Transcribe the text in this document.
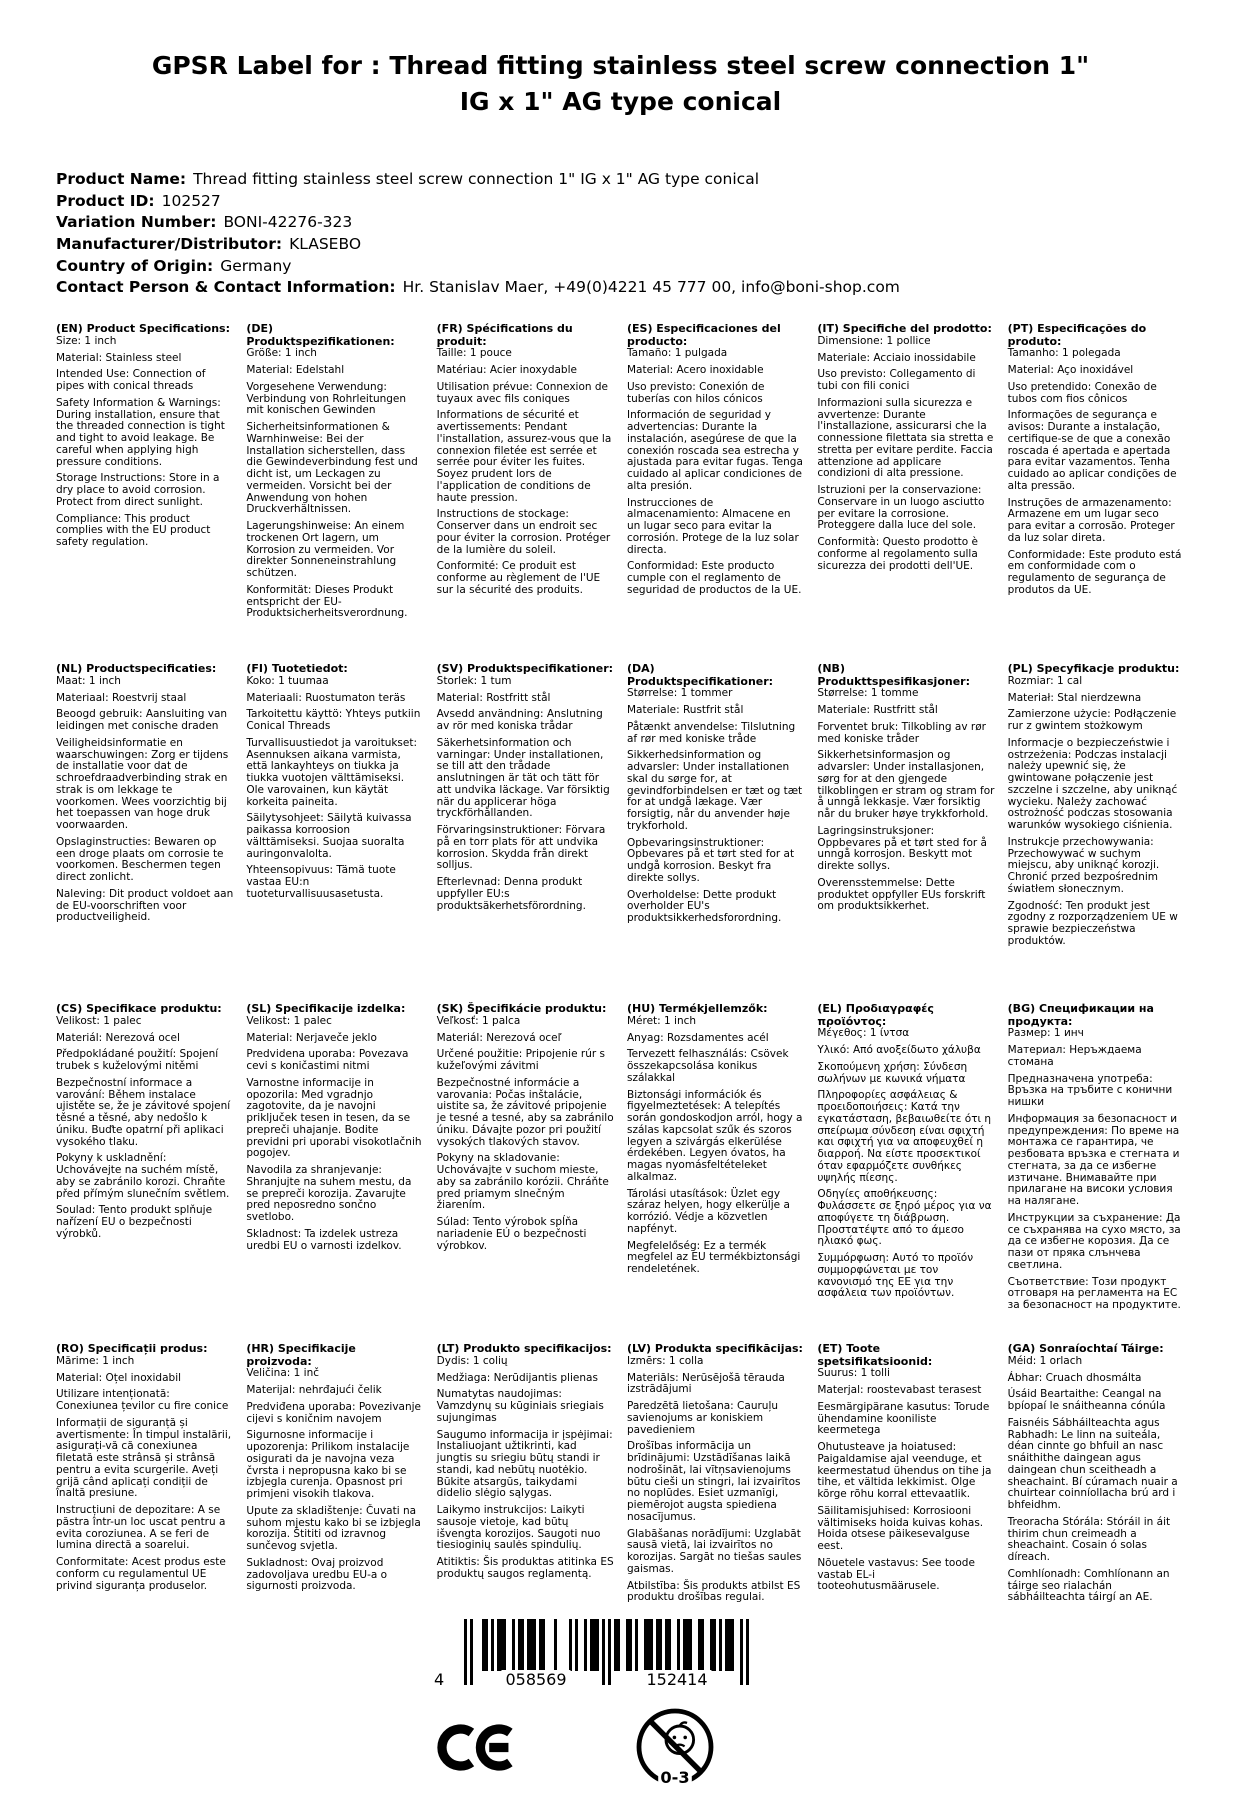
GPSR Label for : Thread fitting stainless steel screw connection 1"
IG x 1" AG type conical
Product Name: Thread fitting stainless steel screw connection 1" IG x 1" AG type conical
Product ID: 102527
Variation Number: BONI-42276-323
Manufacturer/Distributor: KLASEBO
Country of Origin: Germany
Contact Person & Contact Information: Hr. Stanislav Maer, +49(0)4221 45 777 00, info@boni-shop.com
(EN) Product Specifications:

Size: 1 inch

Material: Stainless steel

Intended Use: Connection of pipes with conical threads

Safety Information & Warnings: During installation, ensure that the threaded connection is tight and tight to avoid leakage. Be careful when applying high pressure conditions.

Storage Instructions: Store in a dry place to avoid corrosion. Protect from direct sunlight.

Compliance: This product complies with the EU product safety regulation.

(DE) Produktspezifikationen:

Größe: 1 inch

Material: Edelstahl

Vorgesehene Verwendung: Verbindung von Rohrleitungen mit konischen Gewinden

Sicherheitsinformationen & Warnhinweise: Bei der Installation sicherstellen, dass die Gewindeverbindung fest und dicht ist, um Leckagen zu vermeiden. Vorsicht bei der Anwendung von hohen Druckverhältnissen.

Lagerungshinweise: An einem trockenen Ort lagern, um Korrosion zu vermeiden. Vor direkter Sonneneinstrahlung schützen.

Konformität: Dieses Produkt entspricht der EU-Produktsicherheitsverordnung.

(FR) Spécifications du produit:

Taille: 1 pouce

Matériau: Acier inoxydable

Utilisation prévue: Connexion de tuyaux avec fils coniques

Informations de sécurité et avertissements: Pendant l'installation, assurez-vous que la connexion filetée est serrée et serrée pour éviter les fuites. Soyez prudent lors de l'application de conditions de haute pression.

Instructions de stockage: Conserver dans un endroit sec pour éviter la corrosion. Protéger de la lumière du soleil.

Conformité: Ce produit est conforme au règlement de l'UE sur la sécurité des produits.

(ES) Especificaciones del producto:

Tamaño: 1 pulgada

Material: Acero inoxidable

Uso previsto: Conexión de tuberías con hilos cónicos

Información de seguridad y advertencias: Durante la instalación, asegúrese de que la conexión roscada sea estrecha y ajustada para evitar fugas. Tenga cuidado al aplicar condiciones de alta presión.

Instrucciones de almacenamiento: Almacene en un lugar seco para evitar la corrosión. Protege de la luz solar directa.

Conformidad: Este producto cumple con el reglamento de seguridad de productos de la UE.

(IT) Specifiche del prodotto:

Dimensione: 1 pollice

Materiale: Acciaio inossidabile

Uso previsto: Collegamento di tubi con fili conici

Informazioni sulla sicurezza e avvertenze: Durante l'installazione, assicurarsi che la connessione filettata sia stretta e stretta per evitare perdite. Faccia attenzione ad applicare condizioni di alta pressione.

Istruzioni per la conservazione: Conservare in un luogo asciutto per evitare la corrosione. Proteggere dalla luce del sole.

Conformità: Questo prodotto è conforme al regolamento sulla sicurezza dei prodotti dell'UE.

(PT) Especificações do produto:

Tamanho: 1 polegada

Material: Aço inoxidável

Uso pretendido: Conexão de tubos com fios cônicos

Informações de segurança e avisos: Durante a instalação, certifique-se de que a conexão roscada é apertada e apertada para evitar vazamentos. Tenha cuidado ao aplicar condições de alta pressão.

Instruções de armazenamento: Armazene em um lugar seco para evitar a corrosão. Proteger da luz solar direta.

Conformidade: Este produto está em conformidade com o regulamento de segurança de produtos da UE.

(NL) Productspecificaties:

Maat: 1 inch

Materiaal: Roestvrij staal

Beoogd gebruik: Aansluiting van leidingen met conische draden

Veiligheidsinformatie en waarschuwingen: Zorg er tijdens de installatie voor dat de schroefdraadverbinding strak en strak is om lekkage te voorkomen. Wees voorzichtig bij het toepassen van hoge druk voorwaarden.

Opslaginstructies: Bewaren op een droge plaats om corrosie te voorkomen. Beschermen tegen direct zonlicht.

Naleving: Dit product voldoet aan de EU-voorschriften voor productveiligheid.

(FI) Tuotetiedot:

Koko: 1 tuumaa

Materiaali: Ruostumaton teräs

Tarkoitettu käyttö: Yhteys putkiin Conical Threads

Turvallisuustiedot ja varoitukset: Asennuksen aikana varmista, että lankayhteys on tiukka ja tiukka vuotojen välttämiseksi. Ole varovainen, kun käytät korkeita paineita.

Säilytysohjeet: Säilytä kuivassa paikassa korroosion välttämiseksi. Suojaa suoralta auringonvalolta.

Yhteensopivuus: Tämä tuote vastaa EU:n tuoteturvallisuusasetusta.

(SV) Produktspecifikationer:

Storlek: 1 tum

Material: Rostfritt stål

Avsedd användning: Anslutning av rör med koniska trådar

Säkerhetsinformation och varningar: Under installationen, se till att den trådade anslutningen är tät och tätt för att undvika läckage. Var försiktig när du applicerar höga tryckförhållanden.

Förvaringsinstruktioner: Förvara på en torr plats för att undvika korrosion. Skydda från direkt solljus.

Efterlevnad: Denna produkt uppfyller EU:s produktsäkerhetsförordning.

(DA) Produktspecifikationer:

Størrelse: 1 tommer

Materiale: Rustfrit stål

Påtænkt anvendelse: Tilslutning af rør med koniske tråde

Sikkerhedsinformation og advarsler: Under installationen skal du sørge for, at gevindforbindelsen er tæt og tæt for at undgå lækage. Vær forsigtig, når du anvender høje trykforhold.

Opbevaringsinstruktioner: Opbevares på et tørt sted for at undgå korrosion. Beskyt fra direkte sollys.

Overholdelse: Dette produkt overholder EU's produktsikkerhedsforordning.

(NB) Produkttspesifikasjoner:

Størrelse: 1 tomme

Materiale: Rustfritt stål

Forventet bruk: Tilkobling av rør med koniske tråder

Sikkerhetsinformasjon og advarsler: Under installasjonen, sørg for at den gjengede tilkoblingen er stram og stram for å unngå lekkasje. Vær forsiktig når du bruker høye trykkforhold.

Lagringsinstruksjoner: Oppbevares på et tørt sted for å unngå korrosjon. Beskytt mot direkte sollys.

Overensstemmelse: Dette produktet oppfyller EUs forskrift om produktsikkerhet.

(PL) Specyfikacje produktu:

Rozmiar: 1 cal

Materiał: Stal nierdzewna

Zamierzone użycie: Podłączenie rur z gwintem stożkowym

Informacje o bezpieczeństwie i ostrzeżenia: Podczas instalacji należy upewnić się, że gwintowane połączenie jest szczelne i szczelne, aby uniknąć wycieku. Należy zachować ostrożność podczas stosowania warunków wysokiego ciśnienia.

Instrukcje przechowywania: Przechowywać w suchym miejscu, aby uniknąć korozji. Chronić przed bezpośrednim światłem słonecznym.

Zgodność: Ten produkt jest zgodny z rozporządzeniem UE w sprawie bezpieczeństwa produktów.

(CS) Specifikace produktu:

Velikost: 1 palec

Materiál: Nerezová ocel

Předpokládané použití: Spojení trubek s kuželovými nitěmi

Bezpečnostní informace a varování: Během instalace ujistěte se, že je závitové spojení těsné a těsné, aby nedošlo k úniku. Buďte opatrní při aplikaci vysokého tlaku.

Pokyny k uskladnění: Uchovávejte na suchém místě, aby se zabránilo korozi. Chraňte před přímým slunečním světlem.

Soulad: Tento produkt splňuje nařízení EU o bezpečnosti výrobků.

(SL) Specifikacije izdelka:

Velikost: 1 palec

Material: Nerjaveče jeklo

Predvidena uporaba: Povezava cevi s koničastimi nitmi

Varnostne informacije in opozorila: Med vgradnjo zagotovite, da je navojni priključek tesen in tesen, da se prepreči uhajanje. Bodite previdni pri uporabi visokotlačnih pogojev.

Navodila za shranjevanje: Shranjujte na suhem mestu, da se prepreči korozija. Zavarujte pred neposredno sončno svetlobo.

Skladnost: Ta izdelek ustreza uredbi EU o varnosti izdelkov.

(SK) Špecifikácie produktu:

Veľkosť: 1 palca

Materiál: Nerezová oceľ

Určené použitie: Pripojenie rúr s kužeľovými závitmi

Bezpečnostné informácie a varovania: Počas inštalácie, uistite sa, že závitové pripojenie je tesné a tesné, aby sa zabránilo úniku. Dávajte pozor pri použití vysokých tlakových stavov.

Pokyny na skladovanie: Uchovávajte v suchom mieste, aby sa zabránilo korózii. Chráňte pred priamym slnečným žiarením.

Súlad: Tento výrobok spĺňa nariadenie EÚ o bezpečnosti výrobkov.

(HU) Termékjellemzők:

Méret: 1 inch

Anyag: Rozsdamentes acél

Tervezett felhasználás: Csövek összekapcsolása konikus szálakkal

Biztonsági információk és figyelmeztetések: A telepítés során gondoskodjon arról, hogy a szálas kapcsolat szűk és szoros legyen a szivárgás elkerülése érdekében. Legyen óvatos, ha magas nyomásfeltételeket alkalmaz.

Tárolási utasítások: Üzlet egy száraz helyen, hogy elkerülje a korrózió. Védje a közvetlen napfényt.

Megfelelőség: Ez a termék megfelel az EU termékbiztonsági rendeletének.

(EL) Προδιαγραφές προϊόντος:

Μέγεθος: 1 ίντσα

Υλικό: Από ανοξείδωτο χάλυβα

Σκοπούμενη χρήση: Σύνδεση σωλήνων με κωνικά νήματα

Πληροφορίες ασφάλειας & προειδοποιήσεις: Κατά την εγκατάσταση, βεβαιωθείτε ότι η σπείρωμα σύνδεση είναι σφιχτή και σφιχτή για να αποφευχθεί η διαρροή. Να είστε προσεκτικοί όταν εφαρμόζετε συνθήκες υψηλής πίεσης.

Οδηγίες αποθήκευσης: Φυλάσσετε σε ξηρό μέρος για να αποφύγετε τη διάβρωση. Προστατέψτε από το άμεσο ηλιακό φως.

Συμμόρφωση: Αυτό το προϊόν συμμορφώνεται με τον κανονισμό της ΕΕ για την ασφάλεια των προϊόντων.

(BG) Спецификации на продукта:

Размер: 1 инч

Материал: Неръждаема стомана

Предназначена употреба: Връзка на тръбите с конични нишки

Информация за безопасност и предупреждения: По време на монтажа се гарантира, че резбовата връзка е стегната и стегната, за да се избегне изтичане. Внимавайте при прилагане на високи условия на налягане.

Инструкции за съхранение: Да се съхранява на сухо място, за да се избегне корозия. Да се пази от пряка слънчева светлина.

Съответствие: Този продукт отговаря на регламента на ЕС за безопасност на продуктите.

(RO) Specificații produs:

Mărime: 1 inch

Material: Oțel inoxidabil

Utilizare intenționată: Conexiunea țevilor cu fire conice

Informații de siguranță și avertismente: În timpul instalării, asigurați-vă că conexiunea filetată este strânsă și strânsă pentru a evita scurgerile. Aveți grijă când aplicați condiții de înaltă presiune.

Instrucțiuni de depozitare: A se păstra într-un loc uscat pentru a evita coroziunea. A se feri de lumina directă a soarelui.

Conformitate: Acest produs este conform cu regulamentul UE privind siguranța produselor.

(HR) Specifikacije proizvoda:

Veličina: 1 inč

Materijal: nehrđajući čelik

Predviđena uporaba: Povezivanje cijevi s koničnim navojem

Sigurnosne informacije i upozorenja: Prilikom instalacije osigurati da je navojna veza čvrsta i nepropusna kako bi se izbjegla curenja. Opasnost pri primjeni visokih tlakova.

Upute za skladištenje: Čuvati na suhom mjestu kako bi se izbjegla korozija. Štititi od izravnog sunčevog svjetla.

Sukladnost: Ovaj proizvod zadovoljava uredbu EU-a o sigurnosti proizvoda.

(LT) Produkto specifikacijos:

Dydis: 1 colių

Medžiaga: Nerūdijantis plienas

Numatytas naudojimas: Vamzdynų su kūginiais sriegiais sujungimas

Saugumo informacija ir įspėjimai: Instaliuojant užtikrinti, kad jungtis su sriegiu būtų standi ir standi, kad nebūtų nuotėkio. Būkite atsargūs, taikydami didelio slėgio sąlygas.

Laikymo instrukcijos: Laikyti sausoje vietoje, kad būtų išvengta korozijos. Saugoti nuo tiesioginių saulės spindulių.

Atitiktis: Šis produktas atitinka ES produktų saugos reglamentą.

(LV) Produkta specifikācijas:

Izmērs: 1 colla

Materiāls: Nerūsējošā tērauda izstrādājumi

Paredzētā lietošana: Cauruļu savienojums ar koniskiem pavedieniem

Drošības informācija un brīdinājumi: Uzstādīšanas laikā nodrošināt, lai vītņsavienojums būtu cieši un stingri, lai izvairītos no noplūdes. Esiet uzmanīgi, piemērojot augsta spiediena nosacījumus.

Glabāšanas norādījumi: Uzglabāt sausā vietā, lai izvairītos no korozijas. Sargāt no tiešas saules gaismas.

Atbilstība: Šis produkts atbilst ES produktu drošības regulai.

(ET) Toote spetsifikatsioonid:

Suurus: 1 tolli

Materjal: roostevabast terasest

Eesmärgipärane kasutus: Torude ühendamine kooniliste keermetega

Ohutusteave ja hoiatused: Paigaldamise ajal veenduge, et keermestatud ühendus on tihe ja tihe, et vältida lekkimist. Olge kõrge rõhu korral ettevaatlik.

Säilitamisjuhised: Korrosiooni vältimiseks hoida kuivas kohas. Hoida otsese päikesevalguse eest.

Nõuetele vastavus: See toode vastab EL-i tooteohutusmäärusele.

(GA) Sonraíochtaí Táirge:

Méid: 1 orlach

Ábhar: Cruach dhosmálta

Úsáid Beartaithe: Ceangal na bpíopaí le snáitheanna cónúla

Faisnéis Sábháilteachta agus Rabhadh: Le linn na suiteála, déan cinnte go bhfuil an nasc snáithithe daingean agus daingean chun sceitheadh a sheachaint. Bí cúramach nuair a chuirtear coinníollacha brú ard i bhfeidhm.

Treoracha Stórála: Stóráil in áit thirim chun creimeadh a sheachaint. Cosain ó solas díreach.

Comhlíonadh: Comhlíonann an táirge seo rialachán sábháilteachta táirgí an AE.

4	058569	152414
0-3
